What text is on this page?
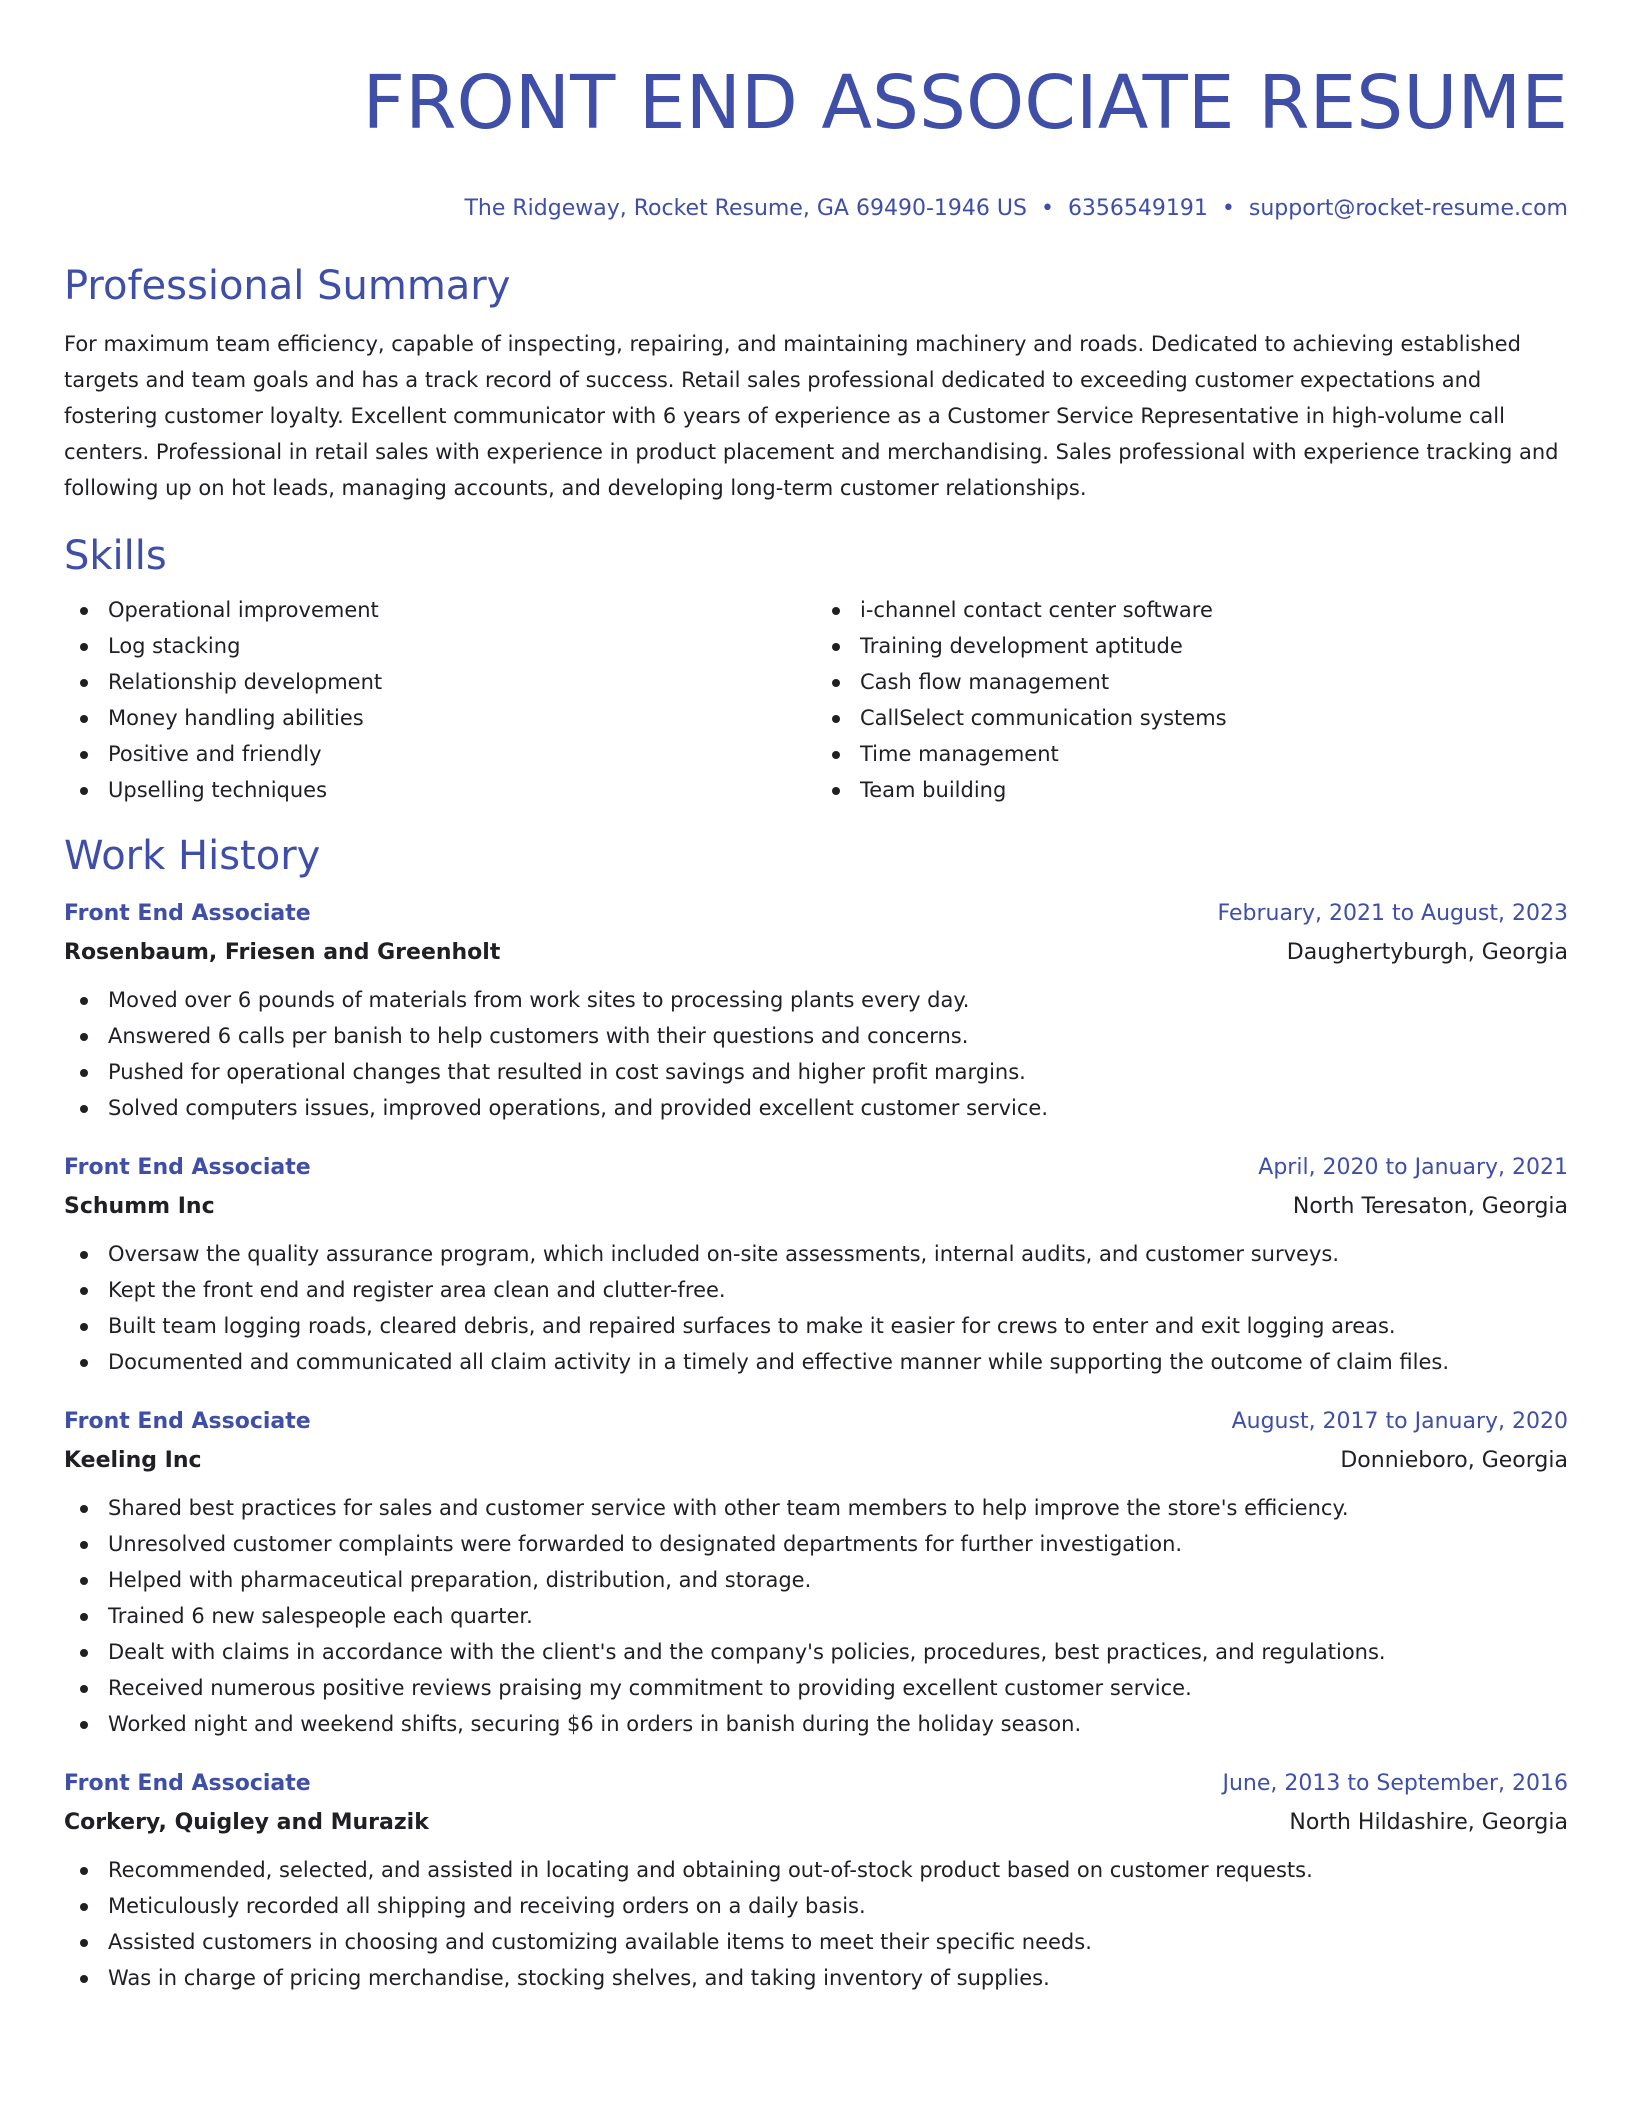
FRONT END ASSOCIATE RESUME
The Ridgeway, Rocket Resume, GA 69490-1946 US • 6356549191 • support@rocket-resume.com
Professional Summary

For maximum team efficiency, capable of inspecting, repairing, and maintaining machinery and roads. Dedicated to achieving established targets and team goals and has a track record of success. Retail sales professional dedicated to exceeding customer expectations and fostering customer loyalty. Excellent communicator with 6 years of experience as a Customer Service Representative in high-volume call centers. Professional in retail sales with experience in product placement and merchandising. Sales professional with experience tracking and following up on hot leads, managing accounts, and developing long-term customer relationships.

Skills
Operational improvement
Log stacking
Relationship development
Money handling abilities
Positive and friendly
Upselling techniques
i-channel contact center software
Training development aptitude
Cash flow management
CallSelect communication systems
Time management
Team building
Work History
Front End Associate	February, 2021 to August, 2023
Rosenbaum, Friesen and Greenholt	Daughertyburgh, Georgia
Moved over 6 pounds of materials from work sites to processing plants every day.
Answered 6 calls per banish to help customers with their questions and concerns.
Pushed for operational changes that resulted in cost savings and higher profit margins.
Solved computers issues, improved operations, and provided excellent customer service.
Front End Associate	April, 2020 to January, 2021
Schumm Inc	North Teresaton, Georgia
Oversaw the quality assurance program, which included on-site assessments, internal audits, and customer surveys.
Kept the front end and register area clean and clutter-free.
Built team logging roads, cleared debris, and repaired surfaces to make it easier for crews to enter and exit logging areas.
Documented and communicated all claim activity in a timely and effective manner while supporting the outcome of claim files.
Front End Associate	August, 2017 to January, 2020
Keeling Inc	Donnieboro, Georgia
Shared best practices for sales and customer service with other team members to help improve the store's efficiency.
Unresolved customer complaints were forwarded to designated departments for further investigation.
Helped with pharmaceutical preparation, distribution, and storage.
Trained 6 new salespeople each quarter.
Dealt with claims in accordance with the client's and the company's policies, procedures, best practices, and regulations.
Received numerous positive reviews praising my commitment to providing excellent customer service.
Worked night and weekend shifts, securing $6 in orders in banish during the holiday season.
Front End Associate	June, 2013 to September, 2016
Corkery, Quigley and Murazik	North Hildashire, Georgia
Recommended, selected, and assisted in locating and obtaining out-of-stock product based on customer requests.
Meticulously recorded all shipping and receiving orders on a daily basis.
Assisted customers in choosing and customizing available items to meet their specific needs.
Was in charge of pricing merchandise, stocking shelves, and taking inventory of supplies.
